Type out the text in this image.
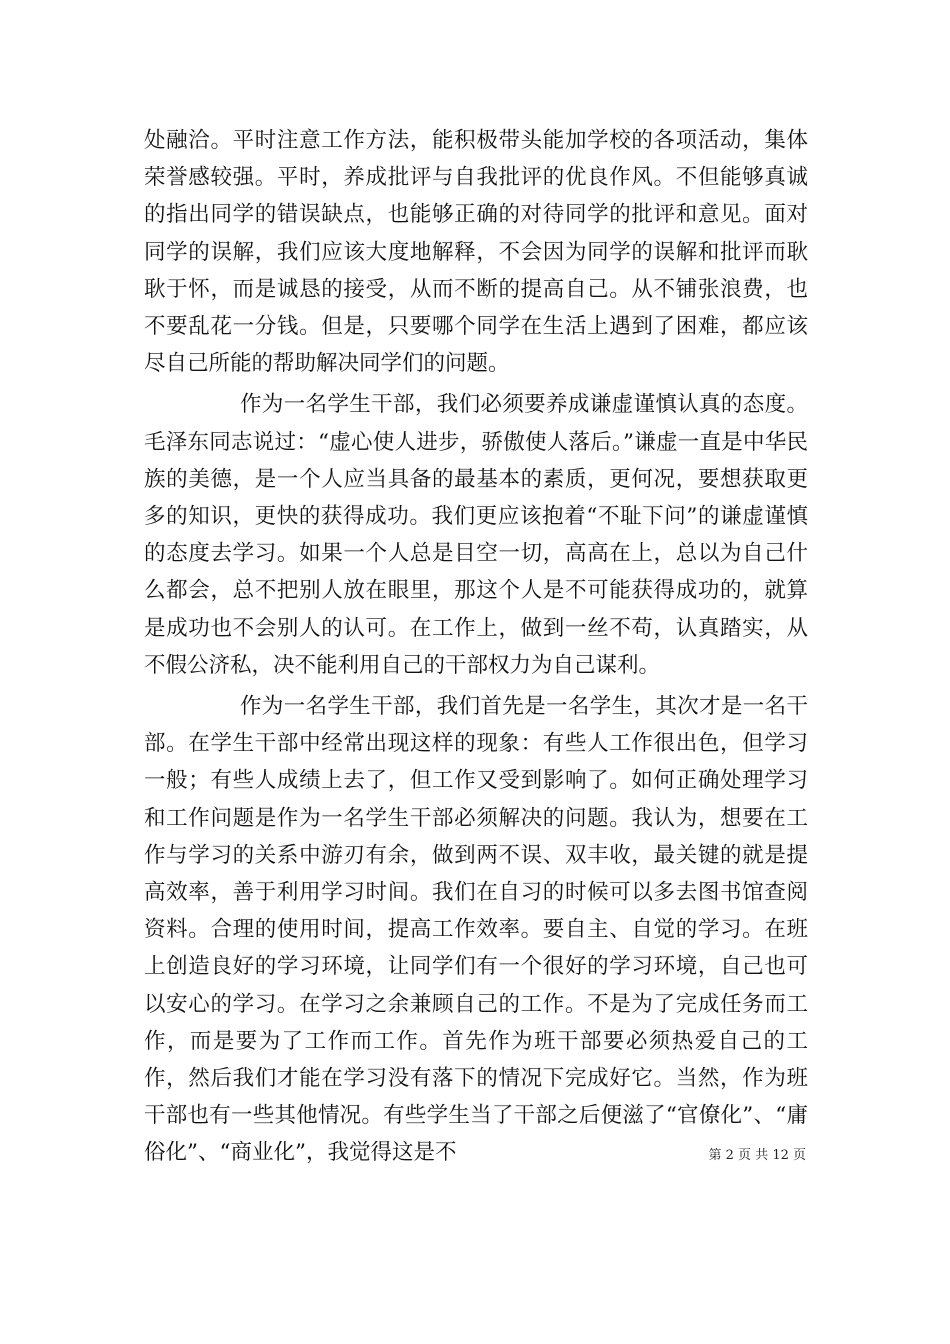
处融洽。平时注意工作方法，能积极带头能加学校的各项活动，集体荣誉感较强。平时，养成批评与自我批评的优良作风。不但能够真诚的指出同学的错误缺点，也能够正确的对待同学的批评和意见。面对同学的误解，我们应该大度地解释，不会因为同学的误解和批评而耿耿于怀，而是诚恳的接受，从而不断的提高自己。从不铺张浪费，也不要乱花一分钱。但是，只要哪个同学在生活上遇到了困难，都应该尽自己所能的帮助解决同学们的问题。

作为一名学生干部，我们必须要养成谦虚谨慎认真的态度。毛泽东同志说过：“虚心使人进步，骄傲使人落后。”谦虚一直是中华民族的美德，是一个人应当具备的最基本的素质，更何况，要想获取更多的知识，更快的获得成功。我们更应该抱着“不耻下问”的谦虚谨慎的态度去学习。如果一个人总是目空一切，高高在上，总以为自己什么都会，总不把别人放在眼里，那这个人是不可能获得成功的，就算是成功也不会别人的认可。在工作上，做到一丝不苟，认真踏实，从不假公济私，决不能利用自己的干部权力为自己谋利。

作为一名学生干部，我们首先是一名学生，其次才是一名干部。在学生干部中经常出现这样的现象：有些人工作很出色，但学习一般；有些人成绩上去了，但工作又受到影响了。如何正确处理学习和工作问题是作为一名学生干部必须解决的问题。我认为，想要在工作与学习的关系中游刃有余，做到两不误、双丰收，最关键的就是提高效率，善于利用学习时间。我们在自习的时候可以多去图书馆查阅资料。合理的使用时间，提高工作效率。要自主、自觉的学习。在班上创造良好的学习环境，让同学们有一个很好的学习环境，自己也可以安心的学习。在学习之余兼顾自己的工作。不是为了完成任务而工作，而是要为了工作而工作。首先作为班干部要必须热爱自己的工作，然后我们才能在学习没有落下的情况下完成好它。当然，作为班干部也有一些其他情况。有些学生当了干部之后便滋了“官僚化”、“庸俗化”、“商业化”，我觉得这是不	第 2 页 共 12 页
